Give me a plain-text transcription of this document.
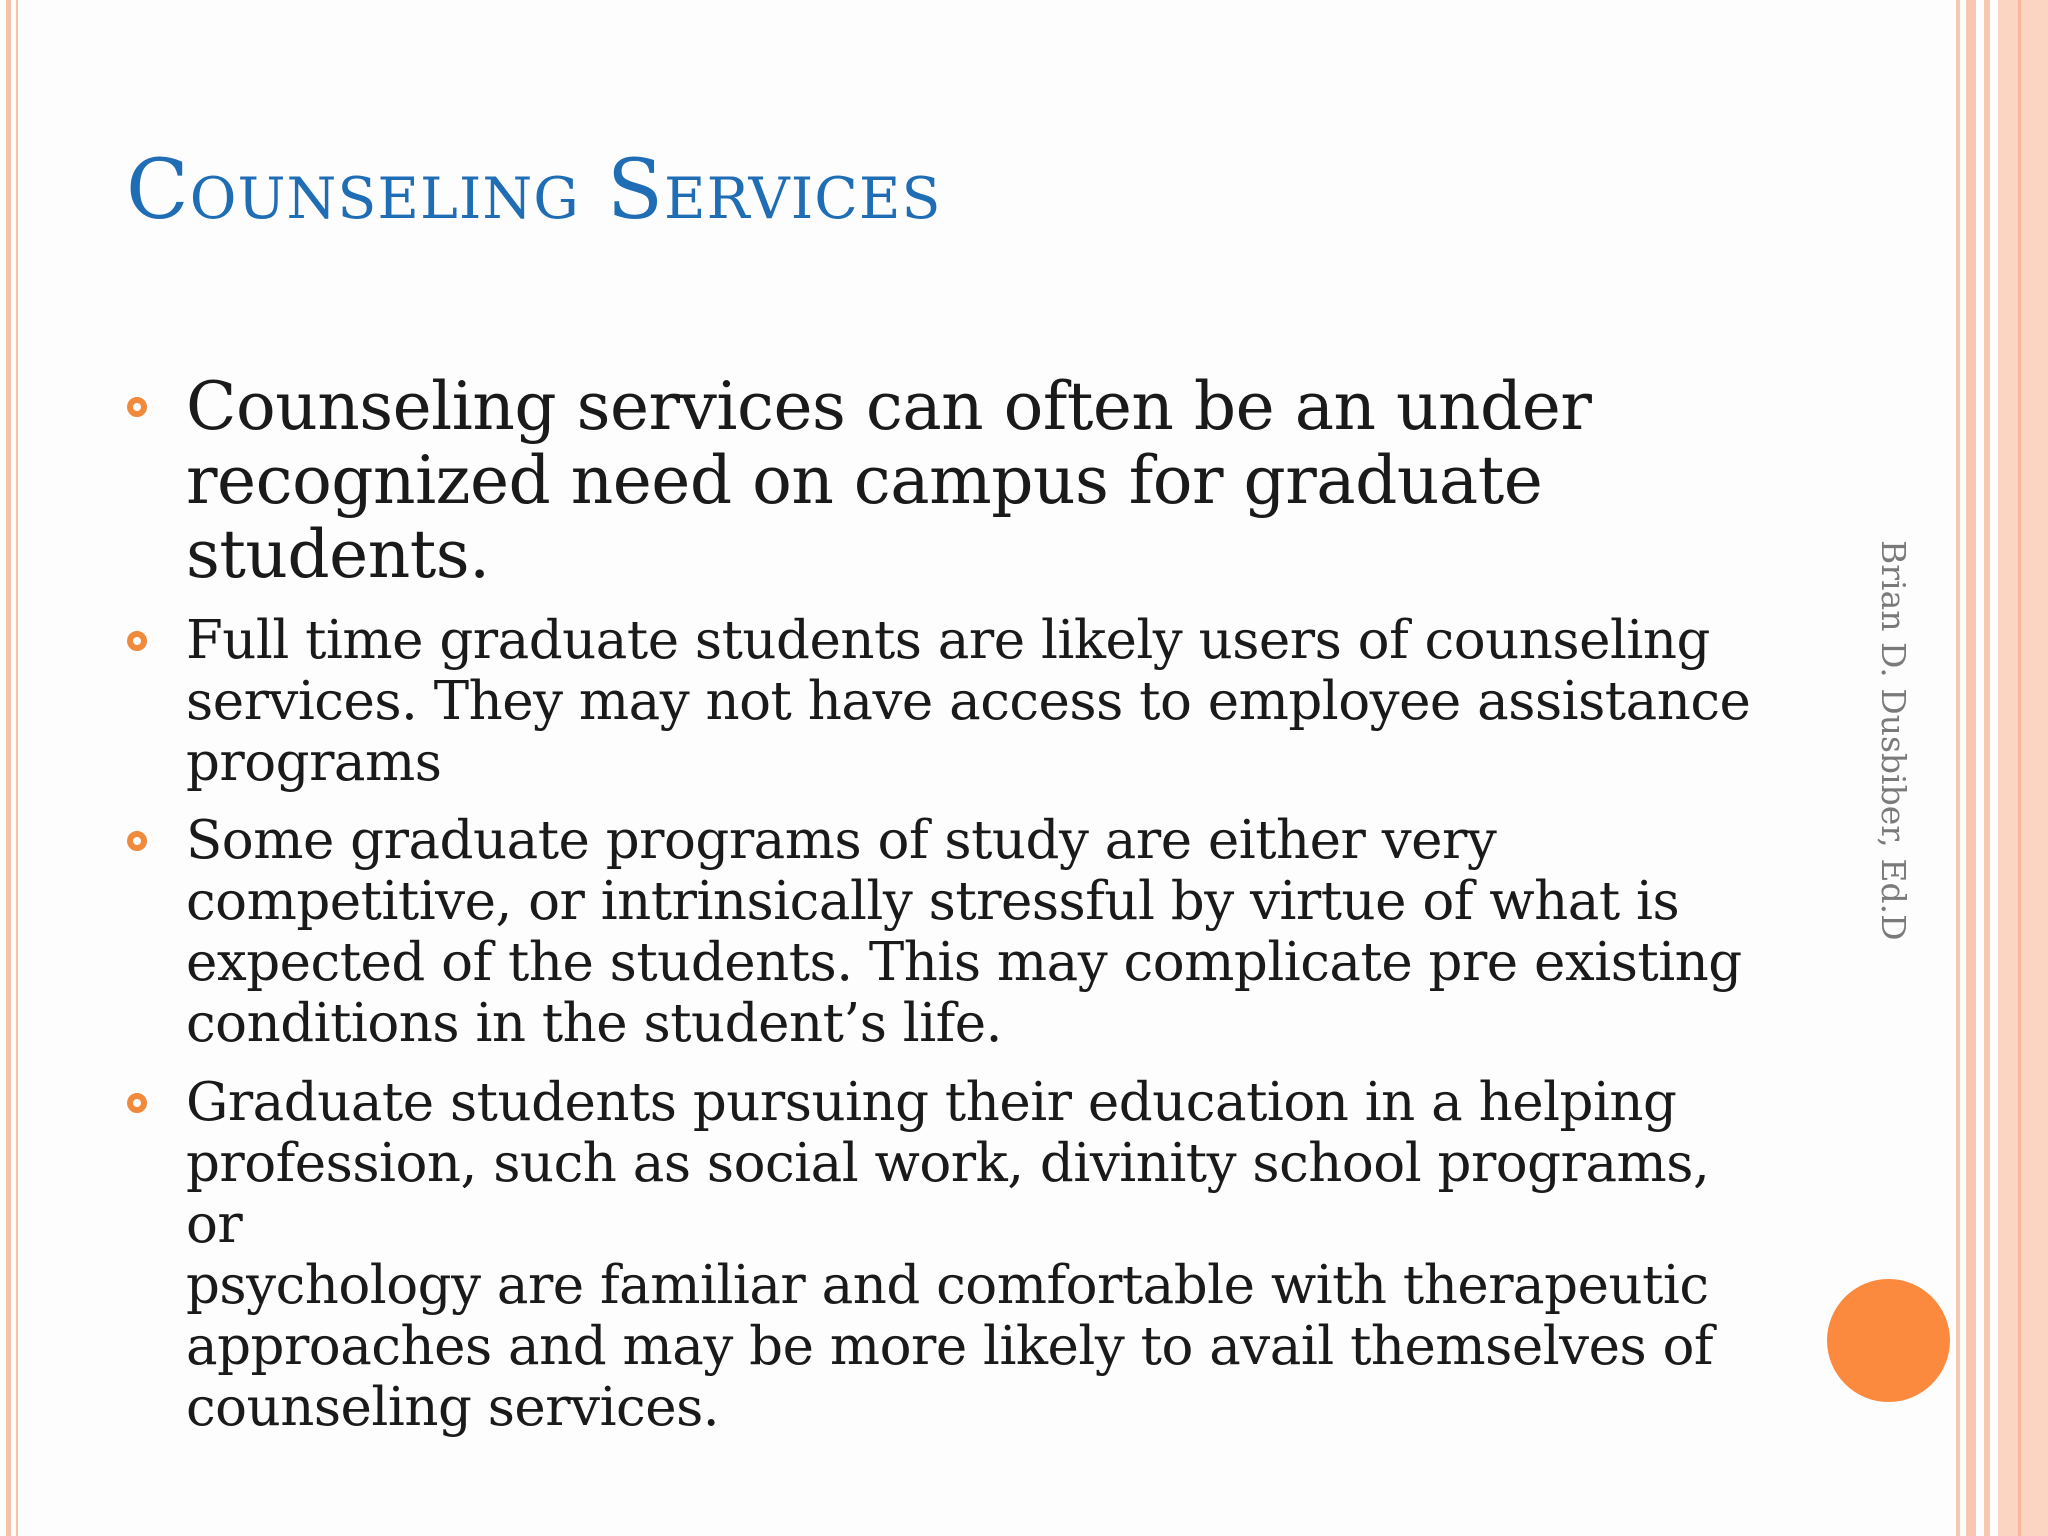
Counseling Services
Counseling services can often be an under
recognized need on campus for graduate
students.
Full time graduate students are likely users of counseling
services. They may not have access to employee assistance
programs
Some graduate programs of study are either very
competitive, or intrinsically stressful by virtue of what is
expected of the students. This may complicate pre existing
conditions in the student’s life.
Graduate students pursuing their education in a helping
profession, such as social work, divinity school programs, or
psychology are familiar and comfortable with therapeutic
approaches and may be more likely to avail themselves of
counseling services.
Brian D. Dusbiber, Ed.D
